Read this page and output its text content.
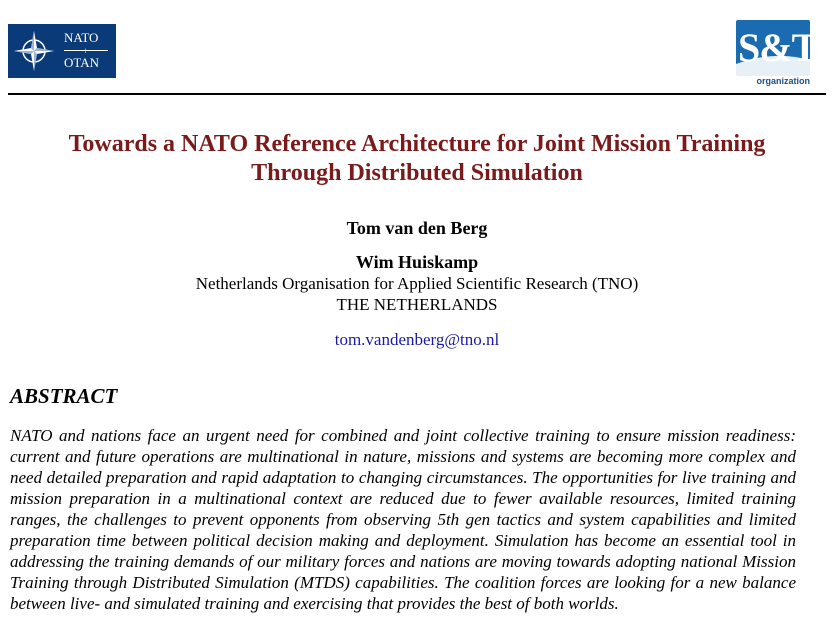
NATO
+
OTAN	S&T
organization
Towards a NATO Reference Architecture for Joint Mission Training
Through Distributed Simulation
Tom van den Berg
Wim Huiskamp
Netherlands Organisation for Applied Scientific Research (TNO)
THE NETHERLANDS
tom.vandenberg@tno.nl
ABSTRACT

NATO and nations face an urgent need for combined and joint collective training to ensure mission readiness: current and future operations are multinational in nature, missions and systems are becoming more complex and need detailed preparation and rapid adaptation to changing circumstances. The opportunities for live training and mission preparation in a multinational context are reduced due to fewer available resources, limited training ranges, the challenges to prevent opponents from observing 5th gen tactics and system capabilities and limited preparation time between political decision making and deployment. Simulation has become an essential tool in addressing the training demands of our military forces and nations are moving towards adopting national Mission Training through Distributed Simulation (MTDS) capabilities. The coalition forces are looking for a new balance between live- and simulated training and exercising that provides the best of both worlds.
